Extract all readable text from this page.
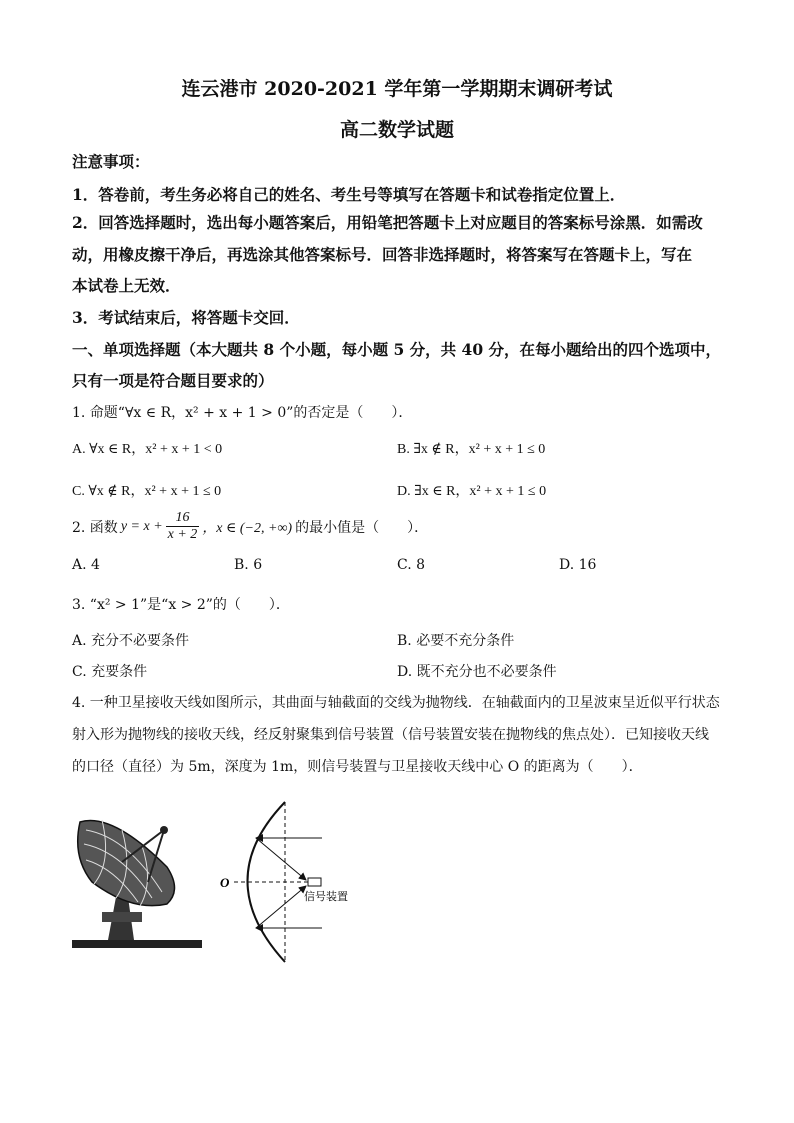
连云港市 2020-2021 学年第一学期期末调研考试
高二数学试题
注意事项：
1．答卷前，考生务必将自己的姓名、考生号等填写在答题卡和试卷指定位置上．
2．回答选择题时，选出每小题答案后，用铅笔把答题卡上对应题目的答案标号涂黑．如需改
动，用橡皮擦干净后，再选涂其他答案标号．回答非选择题时，将答案写在答题卡上，写在
本试卷上无效．
3．考试结束后，将答题卡交回．
一、单项选择题（本大题共 8 个小题，每小题 5 分，共 40 分，在每小题给出的四个选项中，
只有一项是符合题目要求的）
1. 命题“∀x ∈ R，x² + x + 1 > 0”的否定是（　　）．
A. ∀x ∈ R，x² + x + 1 < 0	B. ∃x ∉ R，x² + x + 1 ≤ 0
C. ∀x ∉ R，x² + x + 1 ≤ 0	D. ∃x ∈ R，x² + x + 1 ≤ 0
2. 函数 $y = x + \frac{16}{x + 2}$ ，x ∈ (−2, +∞) 的最小值是（　　）．
A. 4	B. 6	C. 8	D. 16
3. “x² > 1”是“x > 2”的（　　）．
A. 充分不必要条件	B. 必要不充分条件
C. 充要条件	D. 既不充分也不必要条件
4. 一种卫星接收天线如图所示，其曲面与轴截面的交线为抛物线．在轴截面内的卫星波束呈近似平行状态
射入形为抛物线的接收天线，经反射聚集到信号装置（信号装置安装在抛物线的焦点处）．已知接收天线
的口径（直径）为 5m，深度为 1m，则信号装置与卫星接收天线中心 O 的距离为（　　）．
O
信号装置
